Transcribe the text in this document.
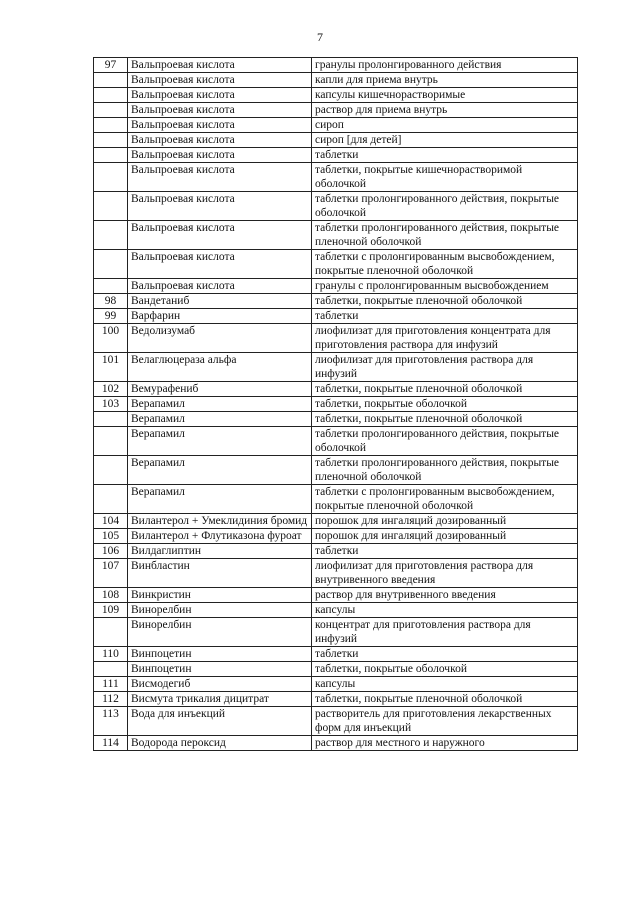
7
97	Вальпроевая кислота	гранулы пролонгированного действия
	Вальпроевая кислота	капли для приема внутрь
	Вальпроевая кислота	капсулы кишечнорастворимые
	Вальпроевая кислота	раствор для приема внутрь
	Вальпроевая кислота	сироп
	Вальпроевая кислота	сироп [для детей]
	Вальпроевая кислота	таблетки
	Вальпроевая кислота	таблетки, покрытые кишечнорастворимой оболочкой
	Вальпроевая кислота	таблетки пролонгированного действия, покрытые оболочкой
	Вальпроевая кислота	таблетки пролонгированного действия, покрытые пленочной оболочкой
	Вальпроевая кислота	таблетки с пролонгированным высвобождением, покрытые пленочной оболочкой
	Вальпроевая кислота	гранулы с пролонгированным высвобождением
98	Вандетаниб	таблетки, покрытые пленочной оболочкой
99	Варфарин	таблетки
100	Ведолизумаб	лиофилизат для приготовления концентрата для приготовления раствора для инфузий
101	Велаглюцераза альфа	лиофилизат для приготовления раствора для инфузий
102	Вемурафениб	таблетки, покрытые пленочной оболочкой
103	Верапамил	таблетки, покрытые оболочкой
	Верапамил	таблетки, покрытые пленочной оболочкой
	Верапамил	таблетки пролонгированного действия, покрытые оболочкой
	Верапамил	таблетки пролонгированного действия, покрытые пленочной оболочкой
	Верапамил	таблетки с пролонгированным высвобождением, покрытые пленочной оболочкой
104	Вилантерол + Умеклидиния бромид	порошок для ингаляций дозированный
105	Вилантерол + Флутиказона фуроат	порошок для ингаляций дозированный
106	Вилдаглиптин	таблетки
107	Винбластин	лиофилизат для приготовления раствора для внутривенного введения
108	Винкристин	раствор для внутривенного введения
109	Винорелбин	капсулы
	Винорелбин	концентрат для приготовления раствора для инфузий
110	Винпоцетин	таблетки
	Винпоцетин	таблетки, покрытые оболочкой
111	Висмодегиб	капсулы
112	Висмута трикалия дицитрат	таблетки, покрытые пленочной оболочкой
113	Вода для инъекций	растворитель для приготовления лекарственных форм для инъекций
114	Водорода пероксид	раствор для местного и наружного
